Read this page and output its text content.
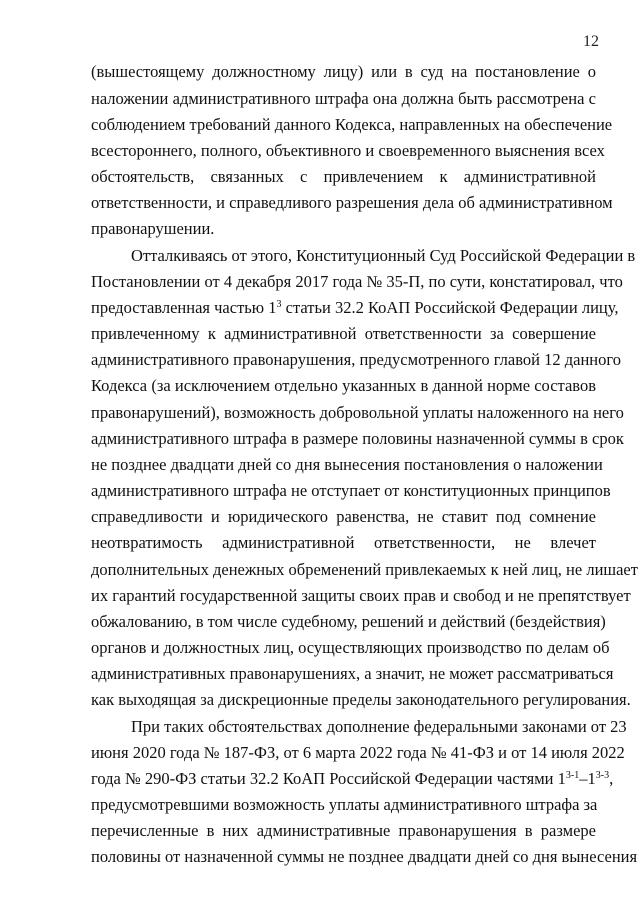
12
(вышестоящему должностному лицу) или в суд на постановление о
наложении административного штрафа она должна быть рассмотрена с
соблюдением требований данного Кодекса, направленных на обеспечение
всестороннего, полного, объективного и своевременного выяснения всех
обстоятельств, связанных с привлечением к административной
ответственности, и справедливого разрешения дела об административном
правонарушении.
Отталкиваясь от этого, Конституционный Суд Российской Федерации в
Постановлении от 4 декабря 2017 года № 35-П, по сути, констатировал, что
предоставленная частью $1^3$ статьи 32.2 КоАП Российской Федерации лицу,
привлеченному к административной ответственности за совершение
административного правонарушения, предусмотренного главой 12 данного
Кодекса (за исключением отдельно указанных в данной норме составов
правонарушений), возможность добровольной уплаты наложенного на него
административного штрафа в размере половины назначенной суммы в срок
не позднее двадцати дней со дня вынесения постановления о наложении
административного штрафа не отступает от конституционных принципов
справедливости и юридического равенства, не ставит под сомнение
неотвратимость административной ответственности, не влечет
дополнительных денежных обременений привлекаемых к ней лиц, не лишает
их гарантий государственной защиты своих прав и свобод и не препятствует
обжалованию, в том числе судебному, решений и действий (бездействия)
органов и должностных лиц, осуществляющих производство по делам об
административных правонарушениях, а значит, не может рассматриваться
как выходящая за дискреционные пределы законодательного регулирования.
При таких обстоятельствах дополнение федеральными законами от 23
июня 2020 года № 187-ФЗ, от 6 марта 2022 года № 41-ФЗ и от 14 июля 2022
года № 290-ФЗ статьи 32.2 КоАП Российской Федерации частями 1$^{3-1}$–1$^{3-3}$,
предусмотревшими возможность уплаты административного штрафа за
перечисленные в них административные правонарушения в размере
половины от назначенной суммы не позднее двадцати дней со дня вынесения
